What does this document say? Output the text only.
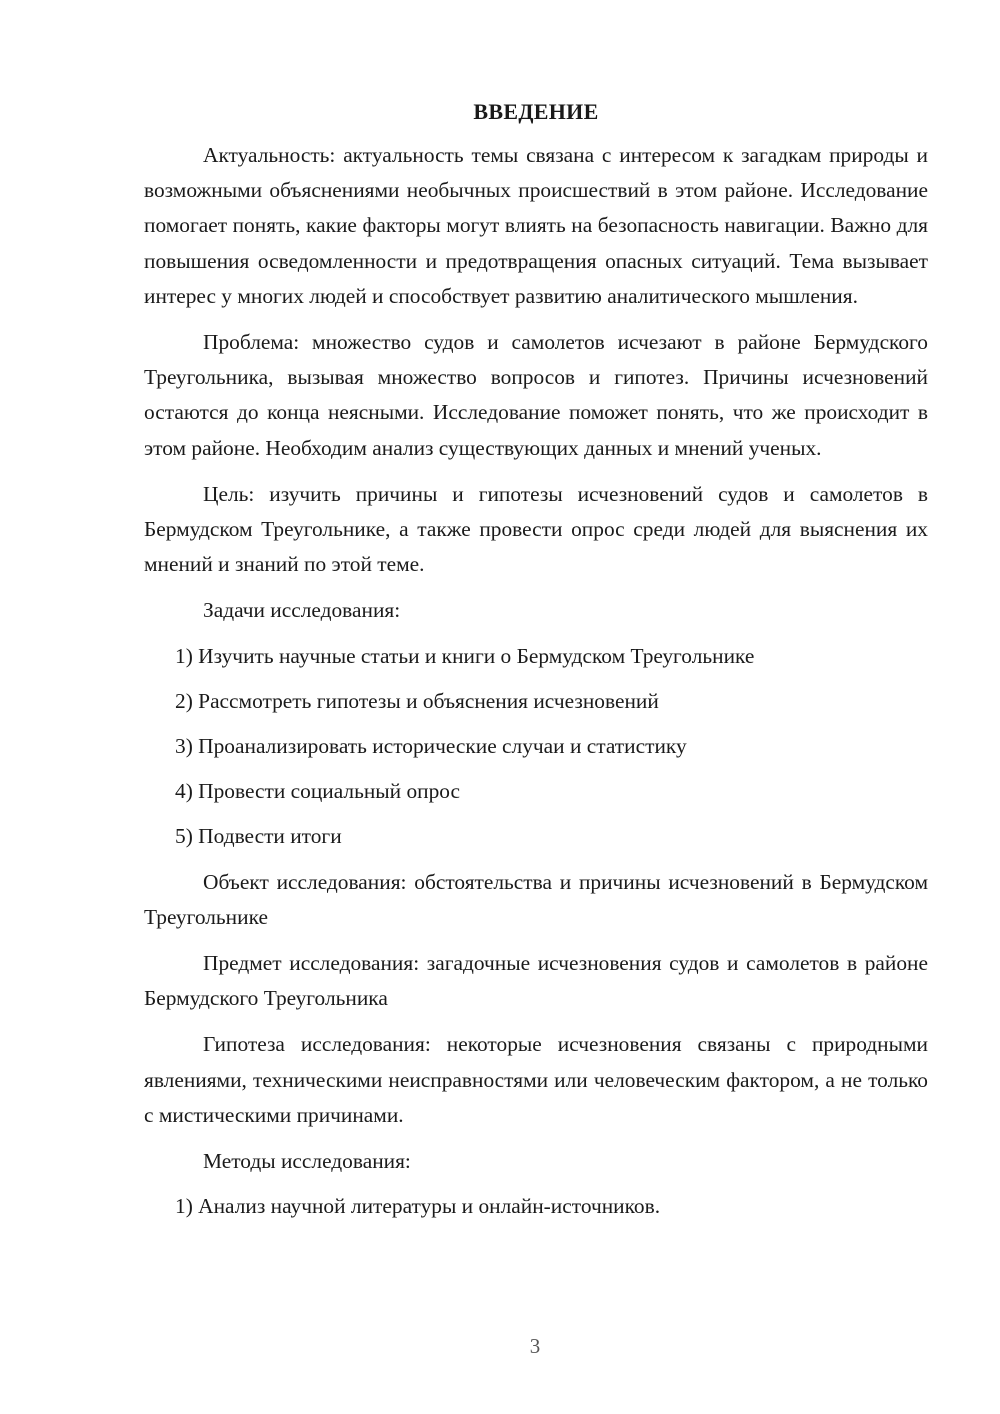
ВВЕДЕНИЕ

Актуальность: актуальность темы связана с интересом к загадкам природы и возможными объяснениями необычных происшествий в этом районе. Исследование помогает понять, какие факторы могут влиять на безопасность навигации. Важно для повышения осведомленности и предотвращения опасных ситуаций. Тема вызывает интерес у многих людей и способствует развитию аналитического мышления.

Проблема: множество судов и самолетов исчезают в районе Бермудского Треугольника, вызывая множество вопросов и гипотез. Причины исчезновений остаются до конца неясными. Исследование поможет понять, что же происходит в этом районе. Необходим анализ существующих данных и мнений ученых.

Цель: изучить причины и гипотезы исчезновений судов и самолетов в Бермудском Треугольнике, а также провести опрос среди людей для выяснения их мнений и знаний по этой теме.

Задачи исследования:

1) Изучить научные статьи и книги о Бермудском Треугольнике

2) Рассмотреть гипотезы и объяснения исчезновений

3) Проанализировать исторические случаи и статистику

4) Провести социальный опрос

5) Подвести итоги

Объект исследования: обстоятельства и причины исчезновений в Бермудском Треугольнике

Предмет исследования: загадочные исчезновения судов и самолетов в районе Бермудского Треугольника

Гипотеза исследования: некоторые исчезновения связаны с природными явлениями, техническими неисправностями или человеческим фактором, а не только с мистическими причинами.

Методы исследования:

1) Анализ научной литературы и онлайн-источников.

3
